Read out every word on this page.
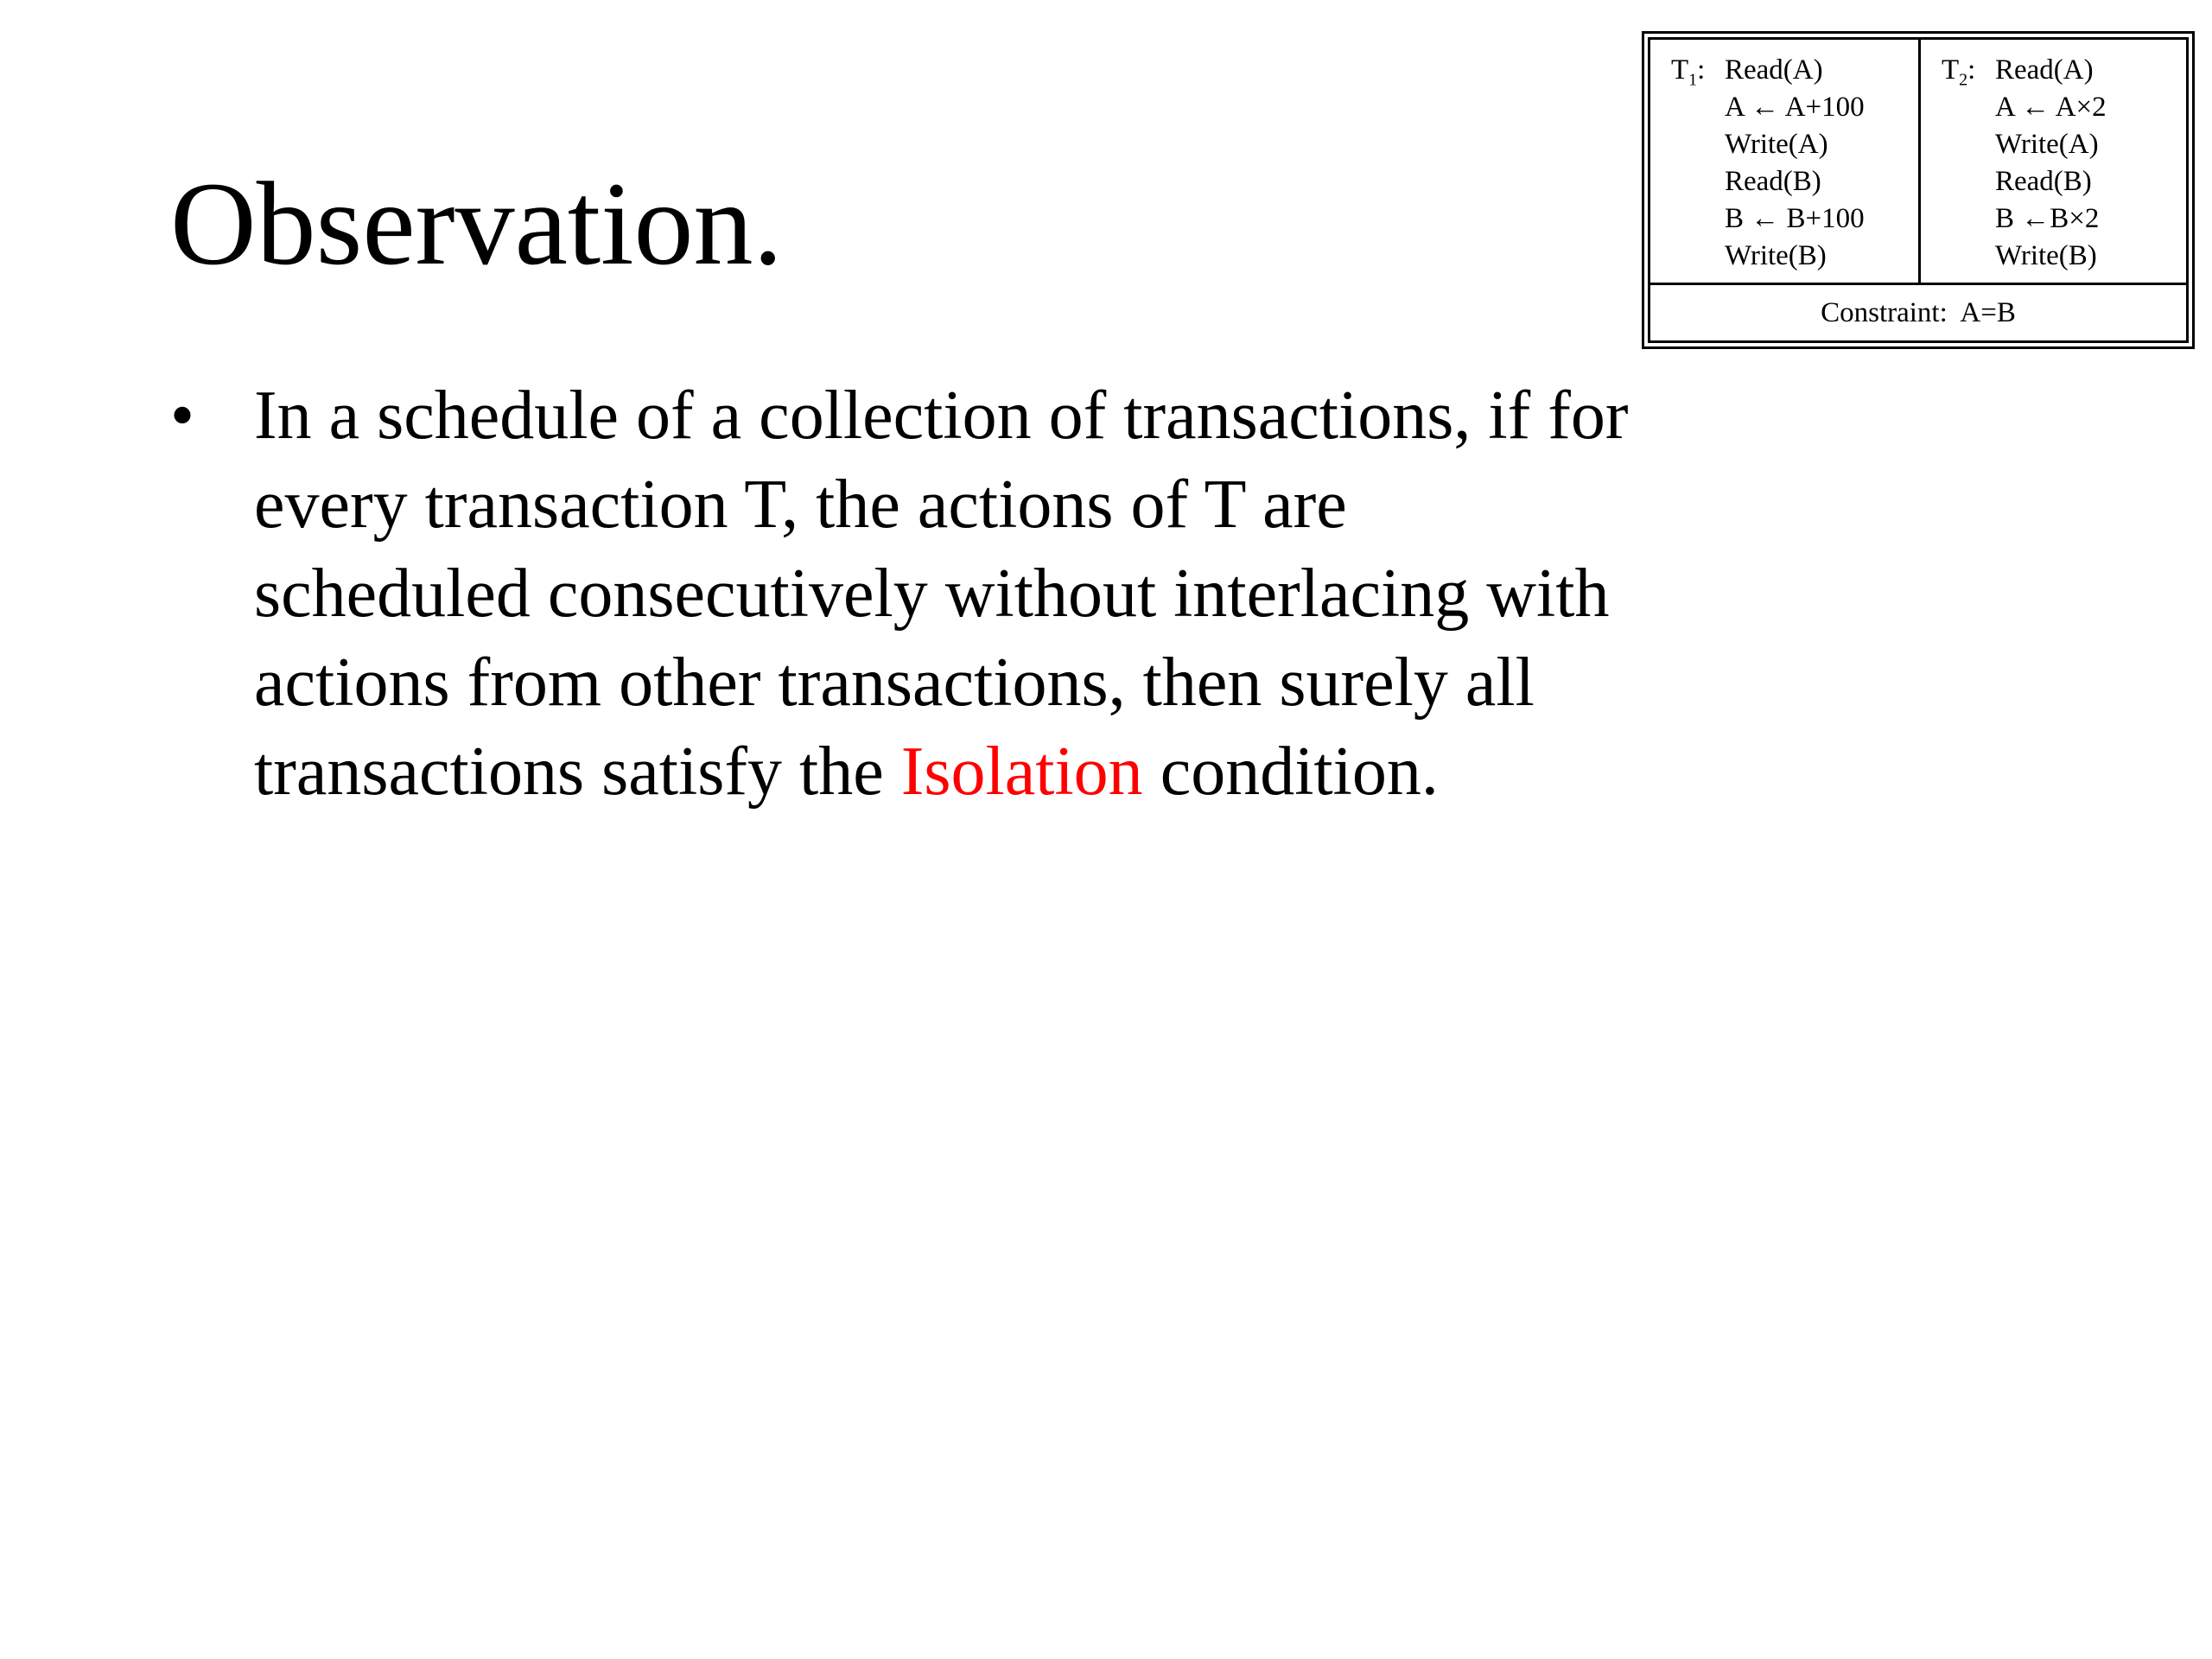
Observation.
• In a schedule of a collection of transactions, if for
every transaction T, the actions of T are
scheduled consecutively without interlacing with
actions from other transactions, then surely all
transactions satisfy the Isolation condition.
$T_1$: Read(A)
A ← A+100
Write(A)
Read(B)
B ← B+100
Write(B)
$T_2$: Read(A)
A ← A×2
Write(A)
Read(B)
B ←B×2
Write(B)
Constraint:  A=B
